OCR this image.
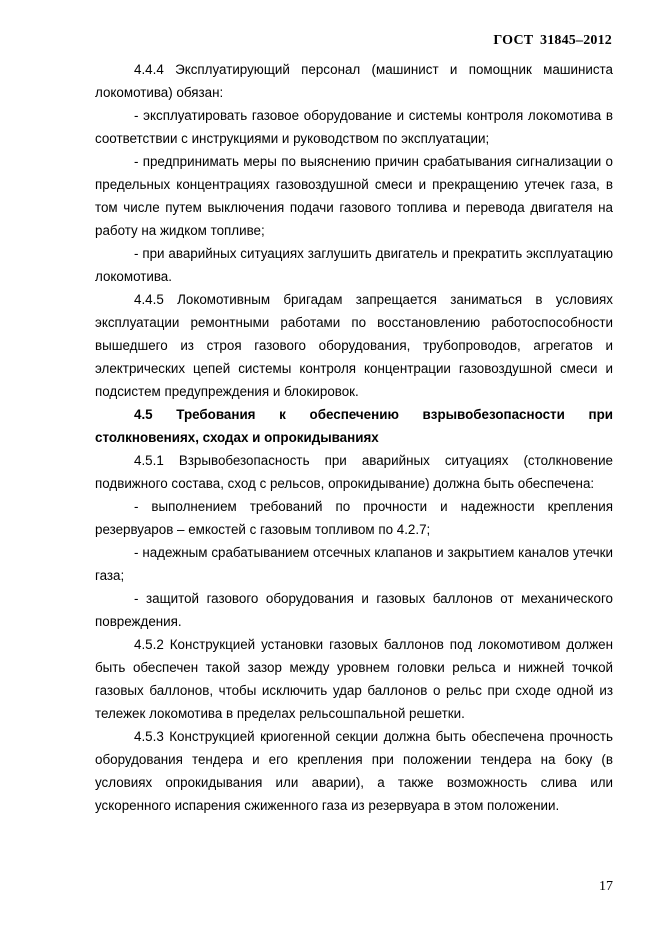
ГОСТ 31845–2012

4.4.4 Эксплуатирующий персонал (машинист и помощник машиниста локомотива) обязан:

- эксплуатировать газовое оборудование и системы контроля локомотива в соответствии с инструкциями и руководством по эксплуатации;

- предпринимать меры по выяснению причин срабатывания сигнализации о предельных концентрациях газовоздушной смеси и прекращению утечек газа, в том числе путем выключения подачи газового топлива и перевода двигателя на работу на жидком топливе;

- при аварийных ситуациях заглушить двигатель и прекратить эксплуатацию локомотива.

4.4.5 Локомотивным бригадам запрещается заниматься в условиях эксплуатации ремонтными работами по восстановлению работоспособности вышедшего из строя газового оборудования, трубопроводов, агрегатов и электрических цепей системы контроля концентрации газовоздушной смеси и подсистем предупреждения и блокировок.

4.5 Требования к обеспечению взрывобезопасности при столкновениях, сходах и опрокидываниях

4.5.1 Взрывобезопасность при аварийных ситуациях (столкновение подвижного состава, сход с рельсов, опрокидывание) должна быть обеспечена:

- выполнением требований по прочности и надежности крепления резервуаров – емкостей с газовым топливом по 4.2.7;

- надежным срабатыванием отсечных клапанов и закрытием каналов утечки газа;

- защитой газового оборудования и газовых баллонов от механического повреждения.

4.5.2 Конструкцией установки газовых баллонов под локомотивом должен быть обеспечен такой зазор между уровнем головки рельса и нижней точкой газовых баллонов, чтобы исключить удар баллонов о рельс при сходе одной из тележек локомотива в пределах рельсошпальной решетки.

4.5.3 Конструкцией криогенной секции должна быть обеспечена прочность оборудования тендера и его крепления при положении тендера на боку (в условиях опрокидывания или аварии), а также возможность слива или ускоренного испарения сжиженного газа из резервуара в этом положении.

17
